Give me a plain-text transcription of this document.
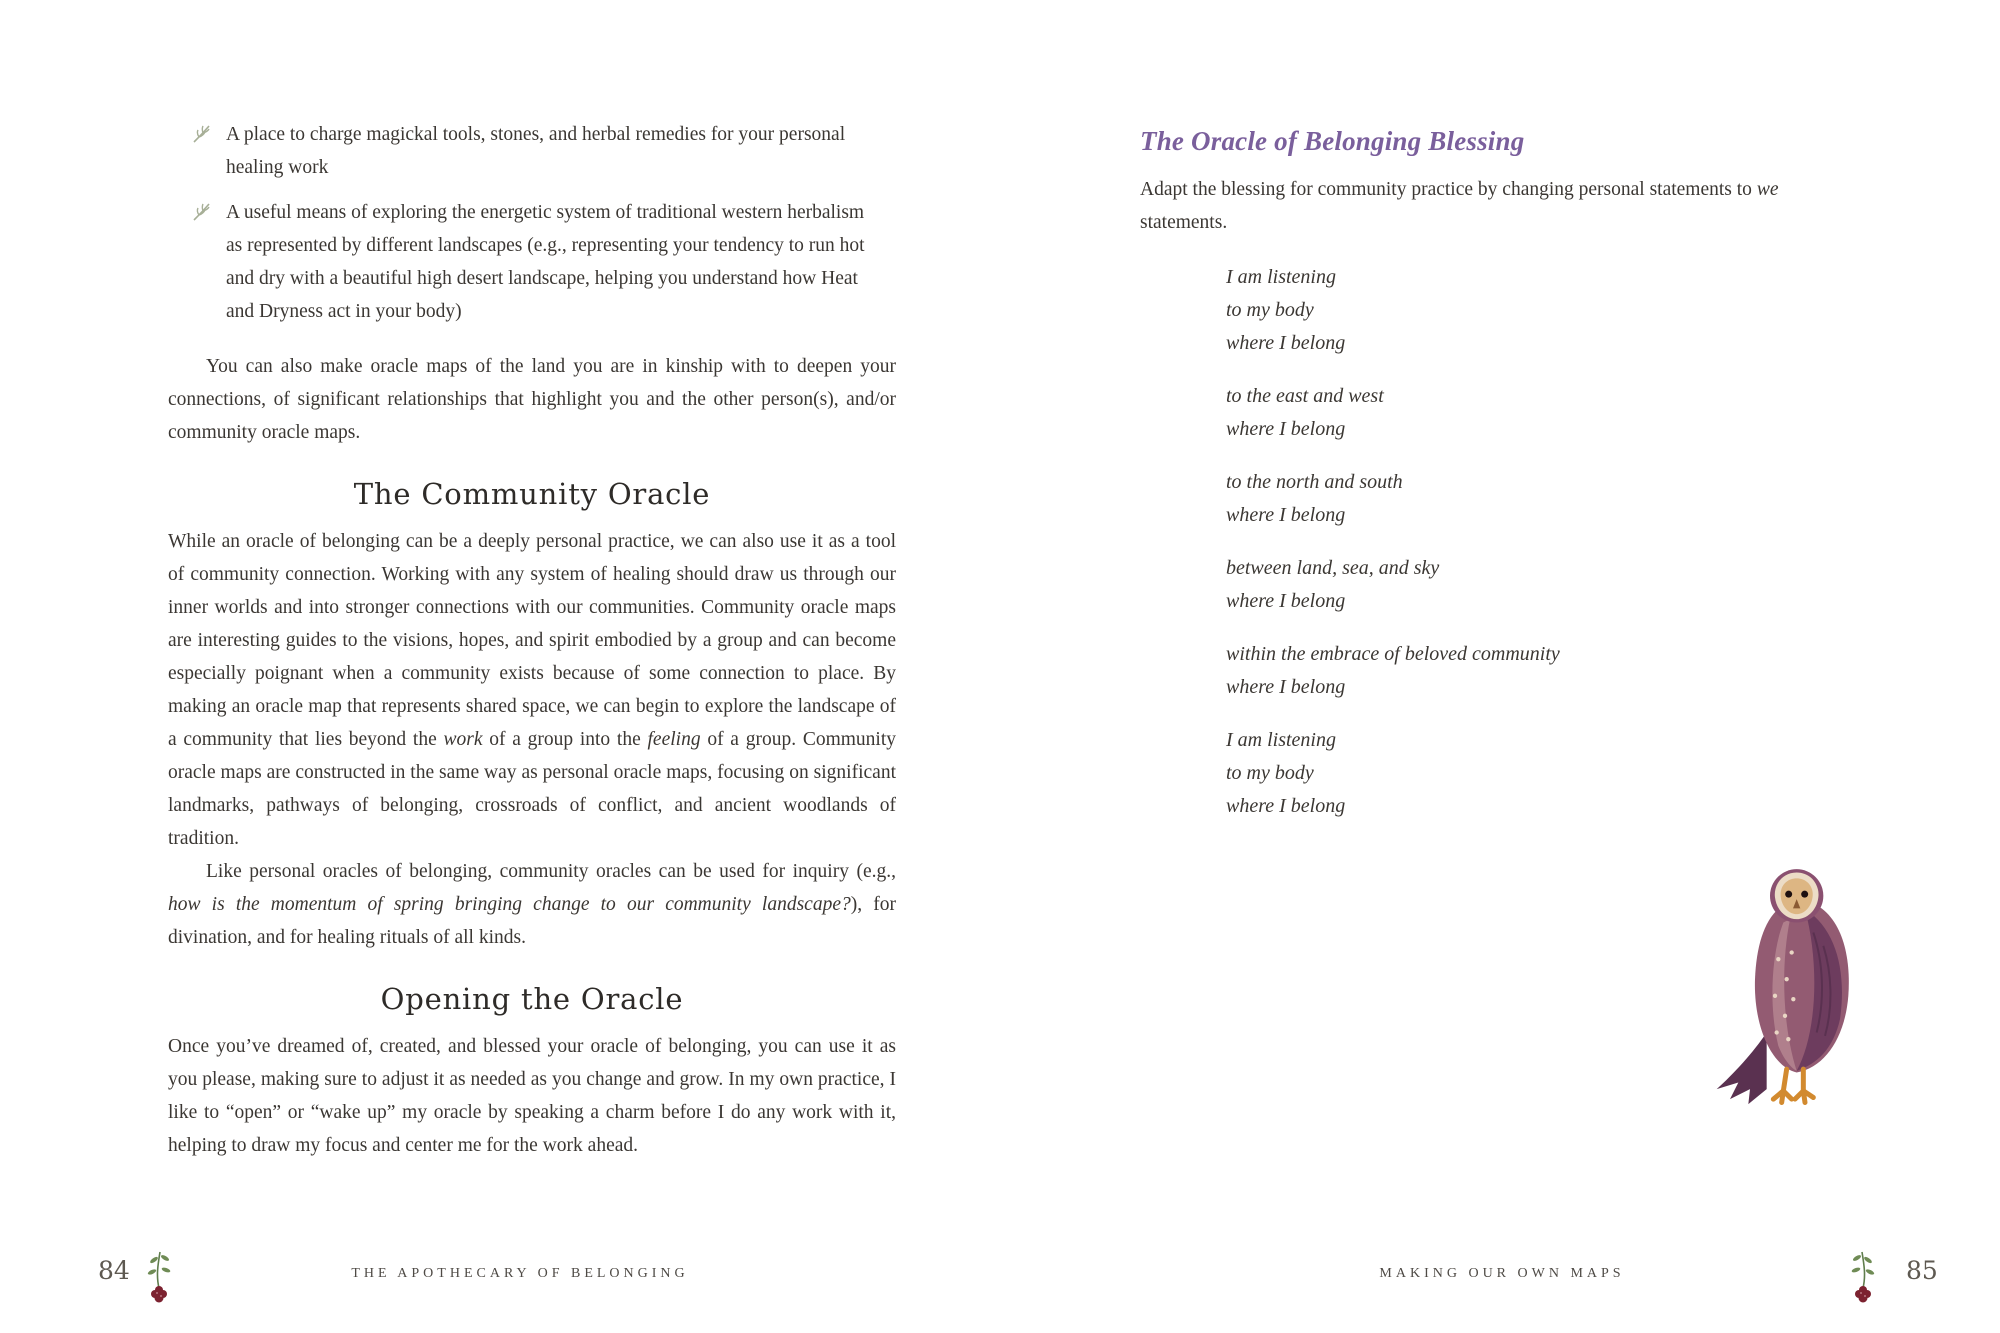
A place to charge magickal tools, stones, and herbal remedies for your personal healing work
A useful means of exploring the energetic system of traditional western herbalism as represented by different landscapes (e.g., representing your tendency to run hot and dry with a beautiful high desert landscape, helping you understand how Heat and Dryness act in your body)

You can also make oracle maps of the land you are in kinship with to deepen your connections, of significant relationships that highlight you and the other person(s), and/or community oracle maps.

The Community Oracle

While an oracle of belonging can be a deeply personal practice, we can also use it as a tool of community connection. Working with any system of healing should draw us through our inner worlds and into stronger connections with our communities. Community oracle maps are interesting guides to the visions, hopes, and spirit embodied by a group and can become especially poignant when a community exists because of some connection to place. By making an oracle map that represents shared space, we can begin to explore the landscape of a community that lies beyond the work of a group into the feeling of a group. Community oracle maps are constructed in the same way as personal oracle maps, focusing on significant landmarks, pathways of belonging, crossroads of conflict, and ancient woodlands of tradition.

Like personal oracles of belonging, community oracles can be used for inquiry (e.g., how is the momentum of spring bringing change to our community landscape?), for divination, and for healing rituals of all kinds.

Opening the Oracle

Once you’ve dreamed of, created, and blessed your oracle of belonging, you can use it as you please, making sure to adjust it as needed as you change and grow. In my own practice, I like to “open” or “wake up” my oracle by speaking a charm before I do any work with it, helping to draw my focus and center me for the work ahead.

The Oracle of Belonging Blessing

Adapt the blessing for community practice by changing personal statements to we statements.

I am listening
to my body
where I belong
to the east and west
where I belong
to the north and south
where I belong
between land, sea, and sky
where I belong
within the embrace of beloved community
where I belong
I am listening
to my body
where I belong
84	THE APOTHECARY OF BELONGING	MAKING OUR OWN MAPS	85
